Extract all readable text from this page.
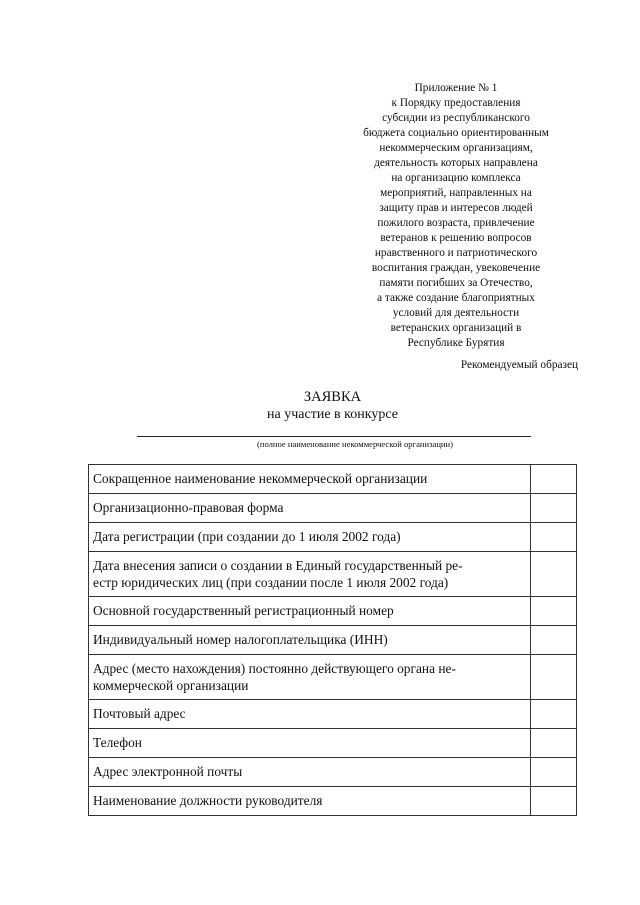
Приложение № 1
к Порядку предоставления
субсидии из республиканского
бюджета социально ориентированным
некоммерческим организациям,
деятельность которых направлена
на организацию комплекса
мероприятий, направленных на
защиту прав и интересов людей
пожилого возраста, привлечение
ветеранов к решению вопросов
нравственного и патриотического
воспитания граждан, увековечение
памяти погибших за Отечество,
а также создание благоприятных
условий для деятельности
ветеранских организаций в
Республике Бурятия
Рекомендуемый образец
ЗАЯВКА
на участие в конкурсе
(полное наименование некоммерческой организации)
Сокращенное наименование некоммерческой организации	

Организационно-правовая форма	

Дата регистрации (при создании до 1 июля 2002 года)	

Дата внесения записи о создании в Единый государственный ре-
естр юридических лиц (при создании после 1 июля 2002 года)	

Основной государственный регистрационный номер	

Индивидуальный номер налогоплательщика (ИНН)	

Адрес (место нахождения) постоянно действующего органа не-
коммерческой организации	

Почтовый адрес	

Телефон	

Адрес электронной почты	

Наименование должности руководителя	
